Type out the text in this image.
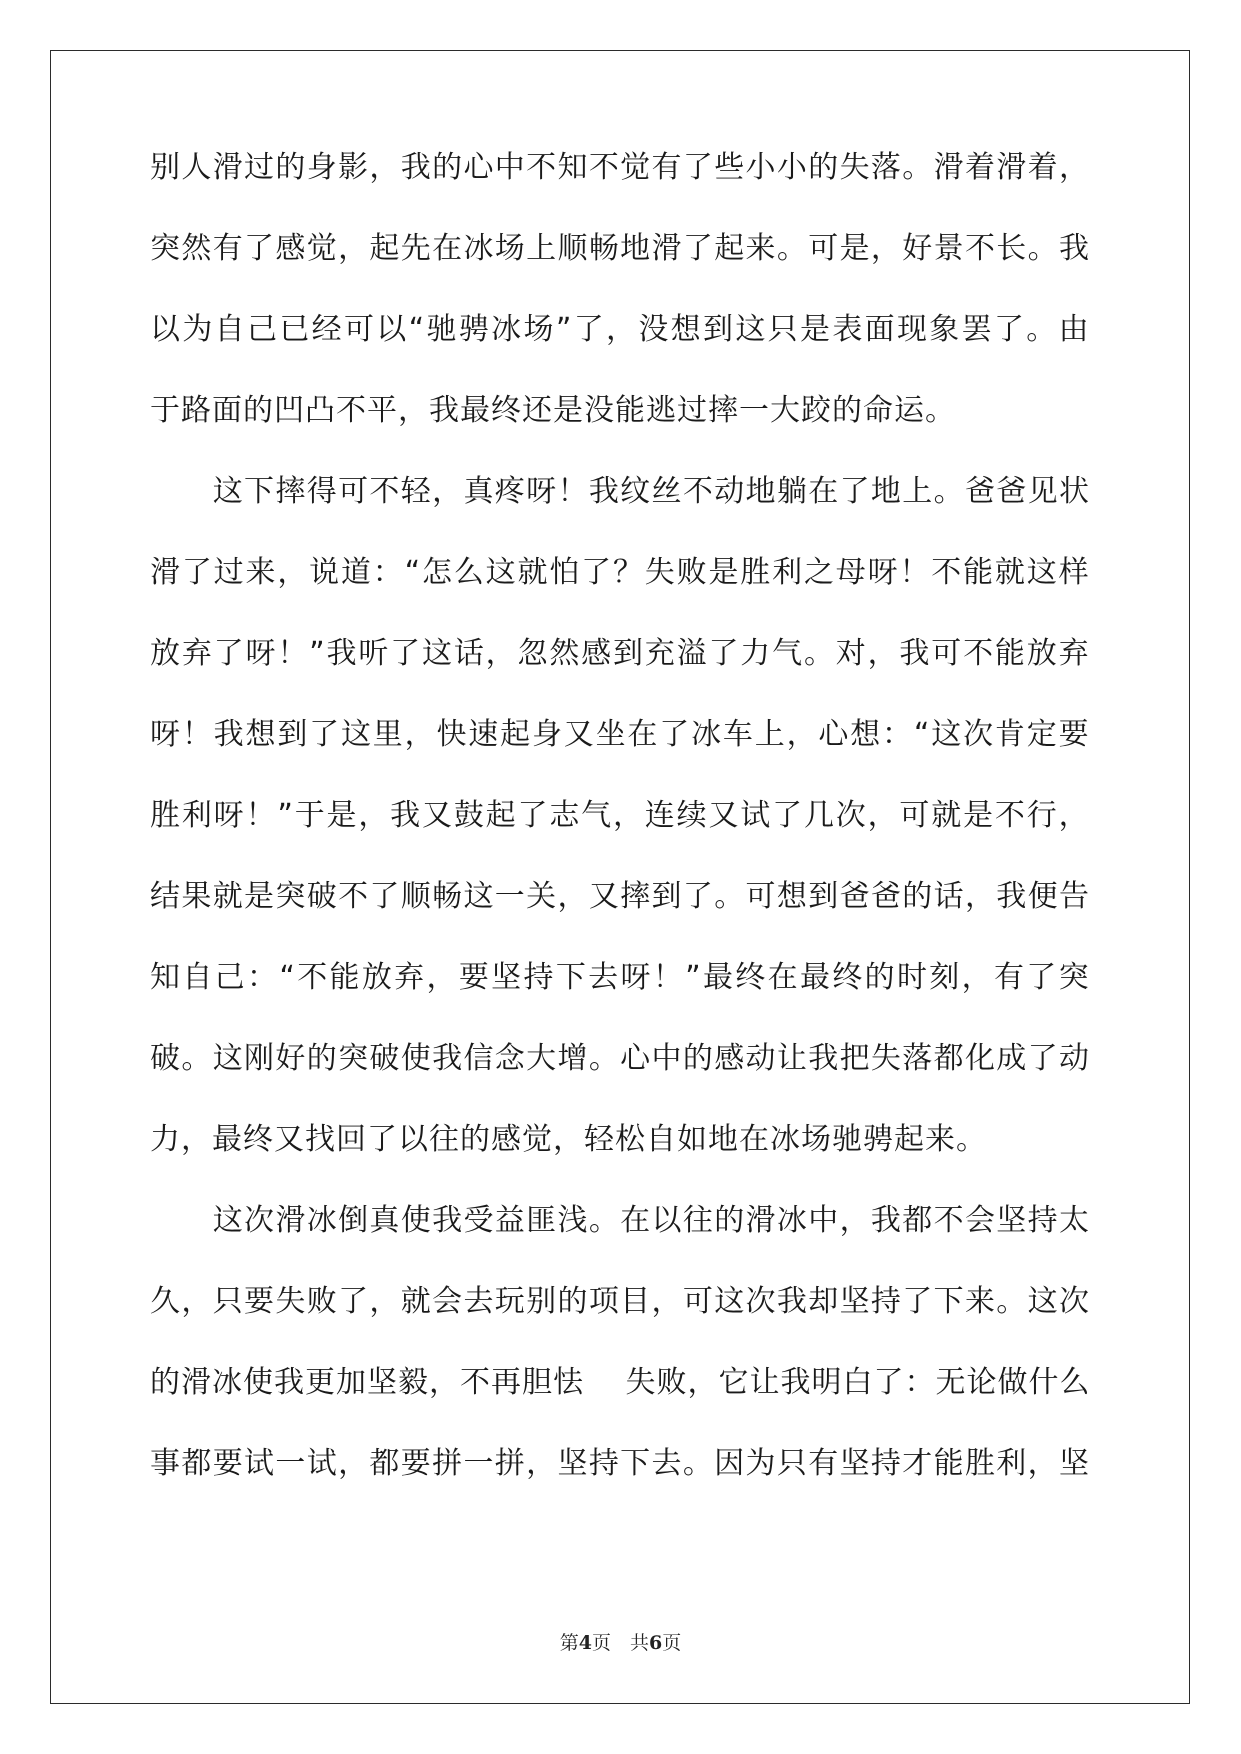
别 人 滑 过 的 身 影 ， 我 的 心 中 不 知 不 觉 有 了 些 小 小 的 失 落 。 滑 着 滑 着 ，
突 然 有 了 感 觉 ， 起 先 在 冰 场 上 顺 畅 地 滑 了 起 来 。 可 是 ， 好 景 不 长 。 我
以 为 自 己 已 经 可 以 “ 驰 骋 冰 场 ” 了 ， 没 想 到 这 只 是 表 面 现 象 罢 了 。 由
于路面的凹凸不平，我最终还是没能逃过摔一大跤的命运。

这 下 摔 得 可 不 轻 ， 真 疼 呀 ！ 我 纹 丝 不 动 地 躺 在 了 地 上 。 爸 爸 见 状
滑 了 过 来 ， 说 道 ： “ 怎 么 这 就 怕 了 ？ 失 败 是 胜 利 之 母 呀 ！ 不 能 就 这 样
放 弃 了 呀 ！ ” 我 听 了 这 话 ， 忽 然 感 到 充 溢 了 力 气 。 对 ， 我 可 不 能 放 弃
呀 ！ 我 想 到 了 这 里 ， 快 速 起 身 又 坐 在 了 冰 车 上 ， 心 想 ： “ 这 次 肯 定 要
胜 利 呀 ！ ” 于 是 ， 我 又 鼓 起 了 志 气 ， 连 续 又 试 了 几 次 ， 可 就 是 不 行 ，
结 果 就 是 突 破 不 了 顺 畅 这 一 关 ， 又 摔 到 了 。 可 想 到 爸 爸 的 话 ， 我 便 告
知 自 己 ： “ 不 能 放 弃 ， 要 坚 持 下 去 呀 ！ ” 最 终 在 最 终 的 时 刻 ， 有 了 突
破 。 这 刚 好 的 突 破 使 我 信 念 大 增 。 心 中 的 感 动 让 我 把 失 落 都 化 成 了 动
力，最终又找回了以往的感觉，轻松自如地在冰场驰骋起来。

这 次 滑 冰 倒 真 使 我 受 益 匪 浅 。 在 以 往 的 滑 冰 中 ， 我 都 不 会 坚 持 太
久 ， 只 要 失 败 了 ， 就 会 去 玩 别 的 项 目 ， 可 这 次 我 却 坚 持 了 下 来 。 这 次
的 滑 冰 使 我 更 加 坚 毅 ， 不 再 胆 怯

失 败 ， 它 让 我 明 白 了 ： 无 论 做 什 么
事 都 要 试 一 试 ， 都 要 拼 一 拼 ， 坚 持 下 去 。 因 为 只 有 坚 持 才 能 胜 利 ， 坚
第4页　共6页
